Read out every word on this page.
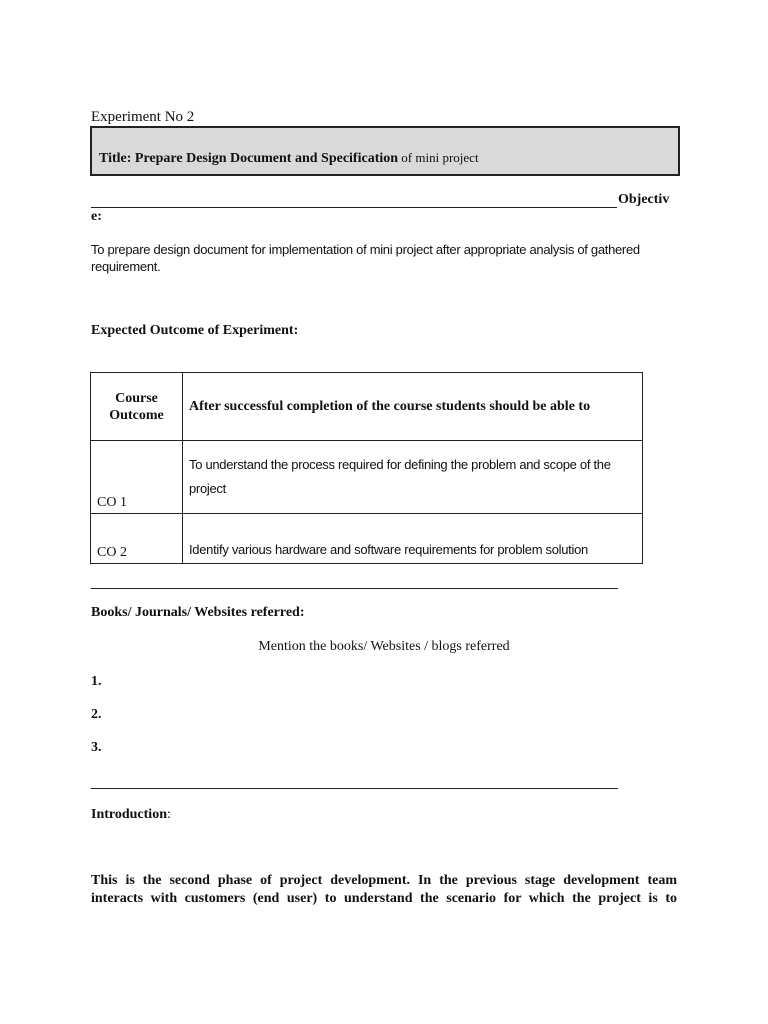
Experiment No 2
Title: Prepare Design Document and Specification of mini project
Objectiv
e:
To prepare design document for implementation of mini project after appropriate analysis of gathered requirement.
Expected Outcome of Experiment:
Course Outcome	After successful completion of the course students should be able to
CO 1	To understand the process required for defining the problem and scope of the project
CO 2	Identify various hardware and software requirements for problem solution
Books/ Journals/ Websites referred:
Mention the books/ Websites / blogs referred
1.
2.
3.
Introduction:
This is the second phase of project development. In the previous stage development team
interacts with customers (end user) to understand the scenario for which the project is to
